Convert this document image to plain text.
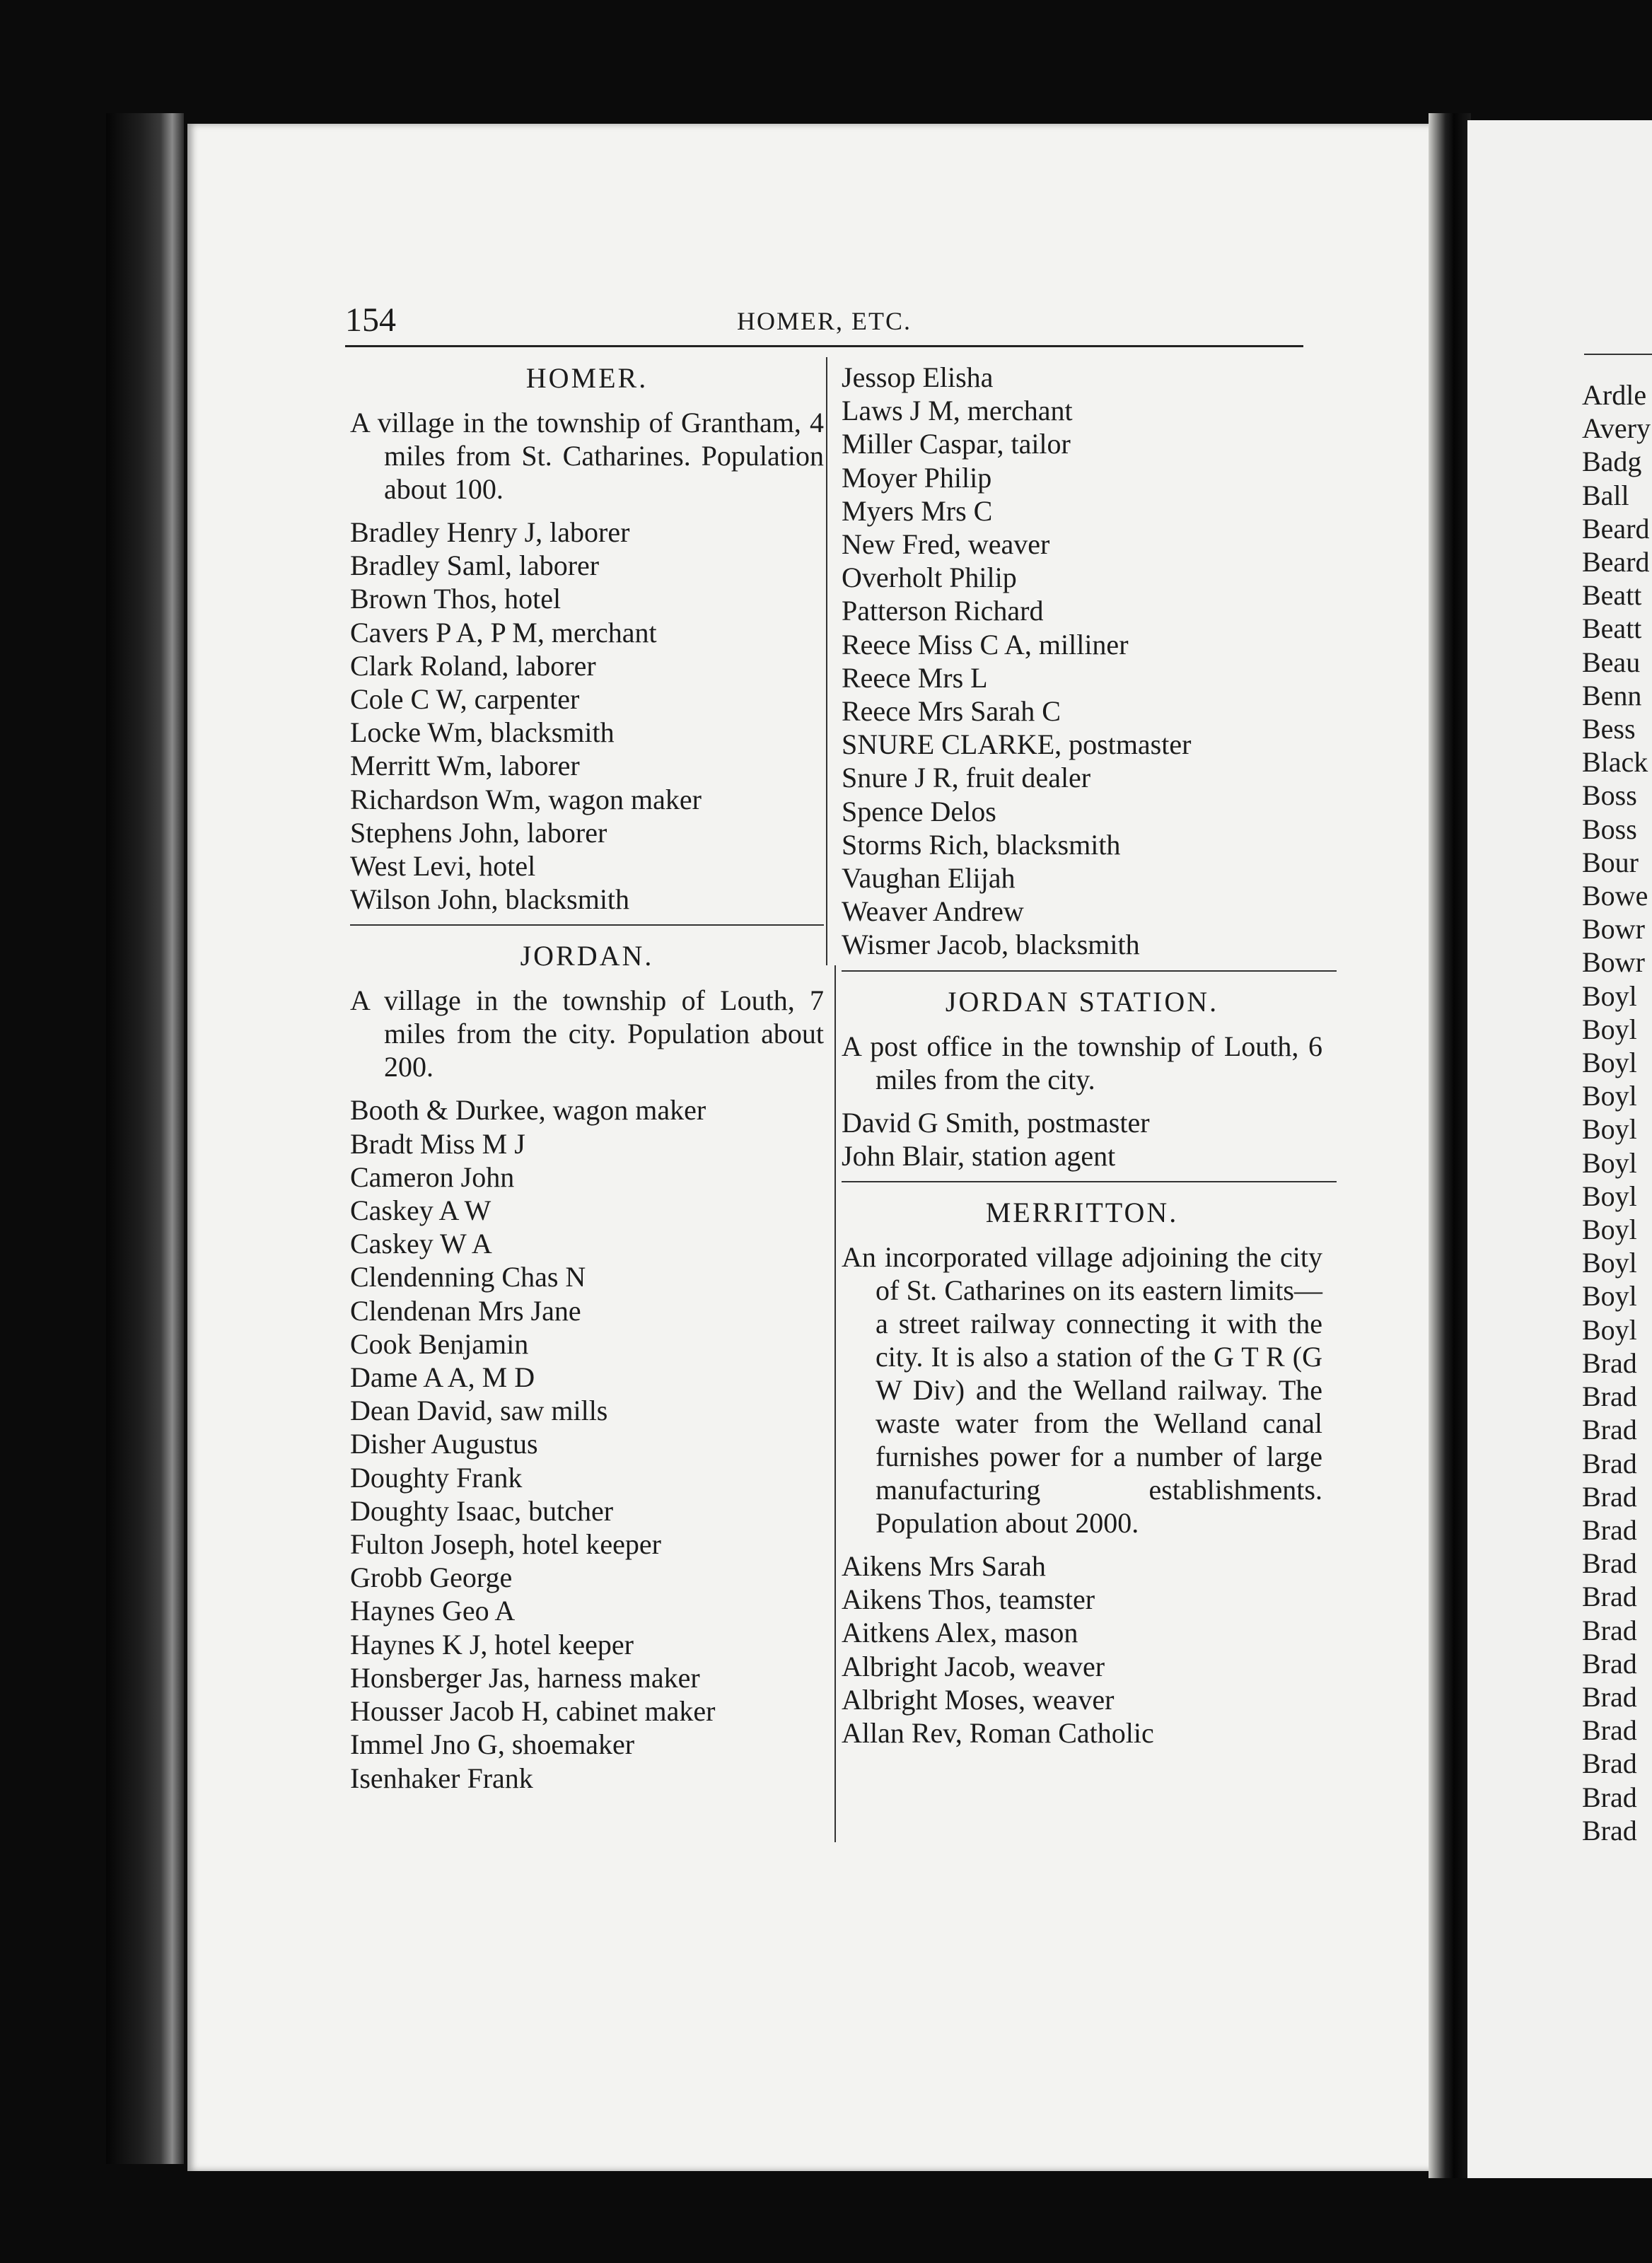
Ardle
Avery
Badg
Ball
Beard
Beard
Beatt
Beatt
Beau
Benn
Bess
Black
Boss
Boss
Bour
Bowe
Bowr
Bowr
Boyl
Boyl
Boyl
Boyl
Boyl
Boyl
Boyl
Boyl
Boyl
Boyl
Boyl
Brad
Brad
Brad
Brad
Brad
Brad
Brad
Brad
Brad
Brad
Brad
Brad
Brad
Brad
Brad
154	HOMER, ETC.
HOMER.

A village in the township of Grantham, 4 miles from St. Catharines. Population about 100.

Bradley Henry J, laborer
Bradley Saml, laborer
Brown Thos, hotel
Cavers P A, P M, merchant
Clark Roland, laborer
Cole C W, carpenter
Locke Wm, blacksmith
Merritt Wm, laborer
Richardson Wm, wagon maker
Stephens John, laborer
West Levi, hotel
Wilson John, blacksmith
JORDAN.

A village in the township of Louth, 7 miles from the city. Population about 200.

Booth & Durkee, wagon maker
Bradt Miss M J
Cameron John
Caskey A W
Caskey W A
Clendenning Chas N
Clendenan Mrs Jane
Cook Benjamin
Dame A A, M D
Dean David, saw mills
Disher Augustus
Doughty Frank
Doughty Isaac, butcher
Fulton Joseph, hotel keeper
Grobb George
Haynes Geo A
Haynes K J, hotel keeper
Honsberger Jas, harness maker
Housser Jacob H, cabinet maker
Immel Jno G, shoemaker
Isenhaker Frank
Jessop Elisha
Laws J M, merchant
Miller Caspar, tailor
Moyer Philip
Myers Mrs C
New Fred, weaver
Overholt Philip
Patterson Richard
Reece Miss C A, milliner
Reece Mrs L
Reece Mrs Sarah C
SNURE CLARKE, postmaster
Snure J R, fruit dealer
Spence Delos
Storms Rich, blacksmith
Vaughan Elijah
Weaver Andrew
Wismer Jacob, blacksmith
JORDAN STATION.

A post office in the township of Louth, 6 miles from the city.

David G Smith, postmaster
John Blair, station agent
MERRITTON.

An incorporated village adjoining the city of St. Catharines on its eastern limits—a street railway connecting it with the city. It is also a station of the G T R (G W Div) and the Welland railway. The waste water from the Welland canal furnishes power for a number of large manufacturing establishments. Population about 2000.

Aikens Mrs Sarah
Aikens Thos, teamster
Aitkens Alex, mason
Albright Jacob, weaver
Albright Moses, weaver
Allan Rev, Roman Catholic
